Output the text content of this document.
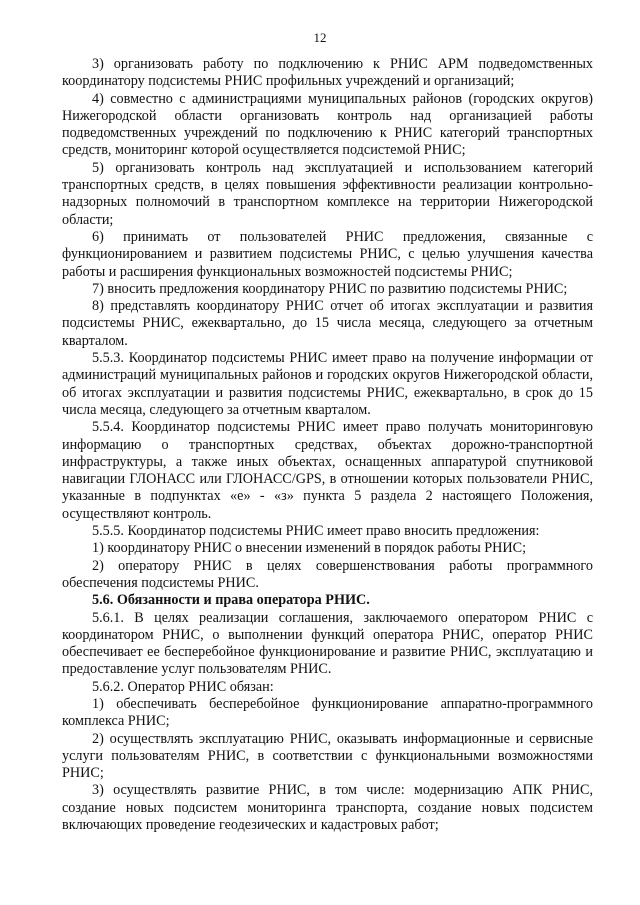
12

3) организовать работу по подключению к РНИС АРМ подведомственных координатору подсистемы РНИС профильных учреждений и организаций;

4) совместно с администрациями муниципальных районов (городских округов) Нижегородской области организовать контроль над организацией работы подведомственных учреждений по подключению к РНИС категорий транспортных средств, мониторинг которой осуществляется подсистемой РНИС;

5) организовать контроль над эксплуатацией и использованием категорий транспортных средств, в целях повышения эффективности реализации контрольно-надзорных полномочий в транспортном комплексе на территории Нижегородской области;

6) принимать от пользователей РНИС предложения, связанные с функционированием и развитием подсистемы РНИС, с целью улучшения качества работы и расширения функциональных возможностей подсистемы РНИС;

7) вносить предложения координатору РНИС по развитию подсистемы РНИС;

8) представлять координатору РНИС отчет об итогах эксплуатации и развития подсистемы РНИС, ежеквартально, до 15 числа месяца, следующего за отчетным кварталом.

5.5.3. Координатор подсистемы РНИС имеет право на получение информации от администраций муниципальных районов и городских округов Нижегородской области, об итогах эксплуатации и развития подсистемы РНИС, ежеквартально, в срок до 15 числа месяца, следующего за отчетным кварталом.

5.5.4. Координатор подсистемы РНИС имеет право получать мониторинговую информацию о транспортных средствах, объектах дорожно-транспортной инфраструктуры, а также иных объектах, оснащенных аппаратурой спутниковой навигации ГЛОНАСС или ГЛОНАСС/GPS, в отношении которых пользователи РНИС, указанные в подпунктах «е» - «з» пункта 5 раздела 2 настоящего Положения, осуществляют контроль.

5.5.5. Координатор подсистемы РНИС имеет право вносить предложения:

1) координатору РНИС о внесении изменений в порядок работы РНИС;

2) оператору РНИС в целях совершенствования работы программного обеспечения подсистемы РНИС.

5.6. Обязанности и права оператора РНИС.

5.6.1. В целях реализации соглашения, заключаемого оператором РНИС с координатором РНИС, о выполнении функций оператора РНИС, оператор РНИС обеспечивает ее бесперебойное функционирование и развитие РНИС, эксплуатацию и предоставление услуг пользователям РНИС.

5.6.2. Оператор РНИС обязан:

1) обеспечивать бесперебойное функционирование аппаратно-программного комплекса РНИС;

2) осуществлять эксплуатацию РНИС, оказывать информационные и сервисные услуги пользователям РНИС, в соответствии с функциональными возможностями РНИС;

3) осуществлять развитие РНИС, в том числе: модернизацию АПК РНИС, создание новых подсистем мониторинга транспорта, создание новых подсистем включающих проведение геодезических и кадастровых работ;
